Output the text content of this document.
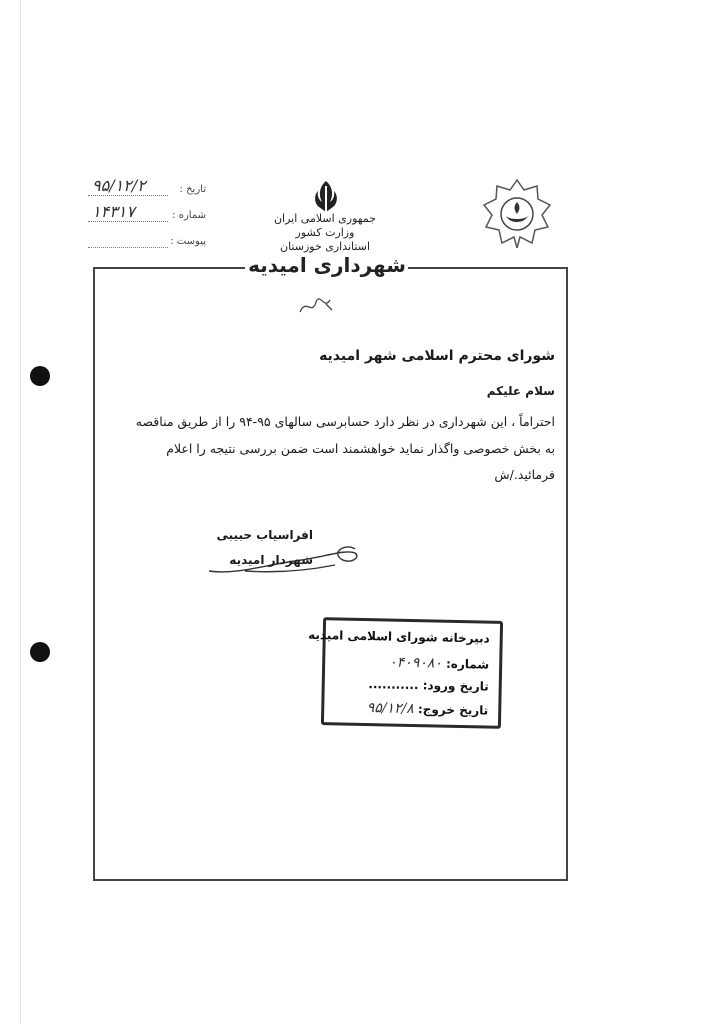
جمهوری اسلامی ایران
وزارت کشور
استانداری خوزستان
تاریخ :
۹۵/۱۲/۲
شماره :
۱۴۳۱۷
پیوست :
شهرداری امیدیه
شورای محترم اسلامی شهر امیدیه
سلام علیکم
احتراماً ، این شهرداری در نظر دارد حسابرسی سالهای ۹۵-۹۴ را از طریق مناقصه
به بخش خصوصی واگذار نماید خواهشمند است ضمن بررسی نتیجه را اعلام
فرمائید./ش
افراسیاب حبیبی
شهردار امیدیه
دبیرخانه شورای اسلامی امیدیه
شماره: ۰۴۰۹۰۸۰
تاریخ ورود: ...........
تاریخ خروج: ۹۵/۱۲/۸
